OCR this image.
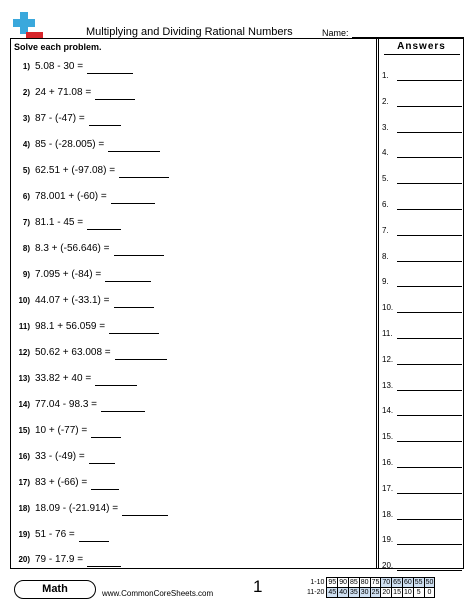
Multiplying and Dividing Rational Numbers	Name:
Solve each problem.	Answers
1) 5.08 - 30 =
2) 24 + 71.08 =
3) 87 - (-47) =
4) 85 - (-28.005) =
5) 62.51 + (-97.08) =
6) 78.001 + (-60) =
7) 81.1 - 45 =
8) 8.3 + (-56.646) =
9) 7.095 + (-84) =
10) 44.07 + (-33.1) =
11) 98.1 + 56.059 =
12) 50.62 + 63.008 =
13) 33.82 + 40 =
14) 77.04 - 98.3 =
15) 10 + (-77) =
16) 33 - (-49) =
17) 83 + (-66) =
18) 18.09 - (-21.914) =
19) 51 - 76 =
20) 79 - 17.9 =
1.
2.
3.
4.
5.
6.
7.
8.
9.
10.
11.
12.
13.
14.
15.
16.
17.
18.
19.
20.
Math	www.CommonCoreSheets.com 1	1-10	95	90	85	80	75	70	65	60	55	50
11-20	45	40	35	30	25	20	15	10	5	0
